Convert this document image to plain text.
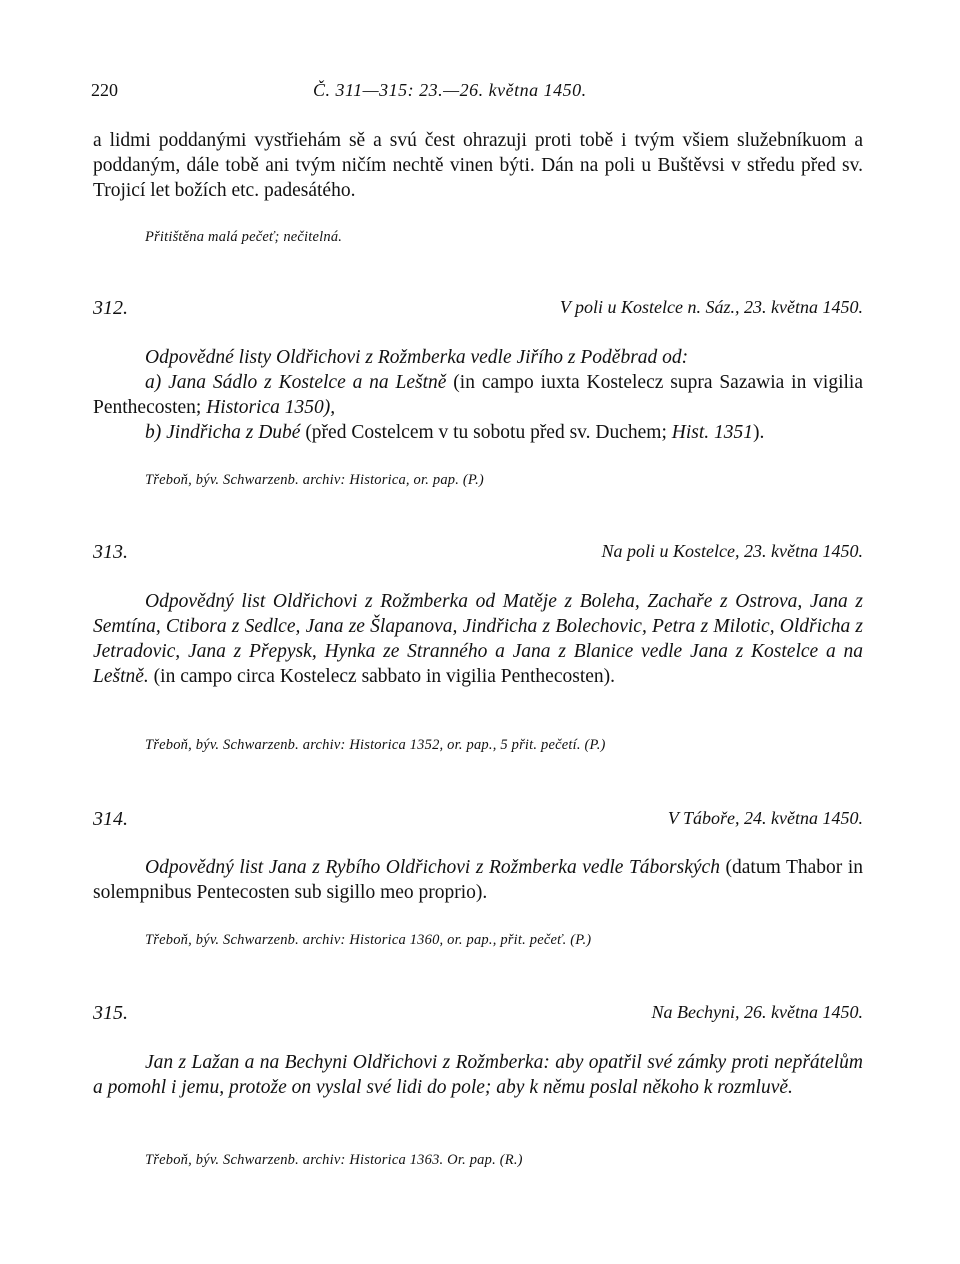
220	Č. 311—315: 23.—26. května 1450.
a lidmi poddanými vystřiehám sě a svú čest ohrazuji proti tobě i tvým všiem služebníkuom a poddaným, dále tobě ani tvým ničím nechtě vinen býti. Dán na poli u Buštěvsi v středu před sv. Trojicí let božích etc. padesátého.
Přitištěna malá pečeť; nečitelná.
312.	V poli u Kostelce n. Sáz., 23. května 1450.
Odpovědné listy Oldřichovi z Rožmberka vedle Jiřího z Poděbrad od:
a) Jana Sádlo z Kostelce a na Leštně (in campo iuxta Kostelecz supra Sazawia in vigilia Penthecosten; Historica 1350),
b) Jindřicha z Dubé (před Costelcem v tu sobotu před sv. Duchem; Hist. 1351).
Třeboň, býv. Schwarzenb. archiv: Historica, or. pap. (P.)
313.	Na poli u Kostelce, 23. května 1450.
Odpovědný list Oldřichovi z Rožmberka od Matěje z Boleha, Zachaře z Ostrova, Jana z Semtína, Ctibora z Sedlce, Jana ze Šlapanova, Jindřicha z Bolechovic, Petra z Milotic, Oldřicha z Jetradovic, Jana z Přepysk, Hynka ze Stranného a Jana z Blanice vedle Jana z Kostelce a na Leštně. (in campo circa Kostelecz sabbato in vigilia Penthecosten).
Třeboň, býv. Schwarzenb. archiv: Historica 1352, or. pap., 5 přit. pečetí. (P.)
314.	V Táboře, 24. května 1450.
Odpovědný list Jana z Rybího Oldřichovi z Rožmberka vedle Táborských (datum Thabor in solempnibus Pentecosten sub sigillo meo proprio).
Třeboň, býv. Schwarzenb. archiv: Historica 1360, or. pap., přit. pečeť. (P.)
315.	Na Bechyni, 26. května 1450.
Jan z Lažan a na Bechyni Oldřichovi z Rožmberka: aby opatřil své zámky proti nepřátelům a pomohl i jemu, protože on vyslal své lidi do pole; aby k němu poslal někoho k rozmluvě.
Třeboň, býv. Schwarzenb. archiv: Historica 1363. Or. pap. (R.)
